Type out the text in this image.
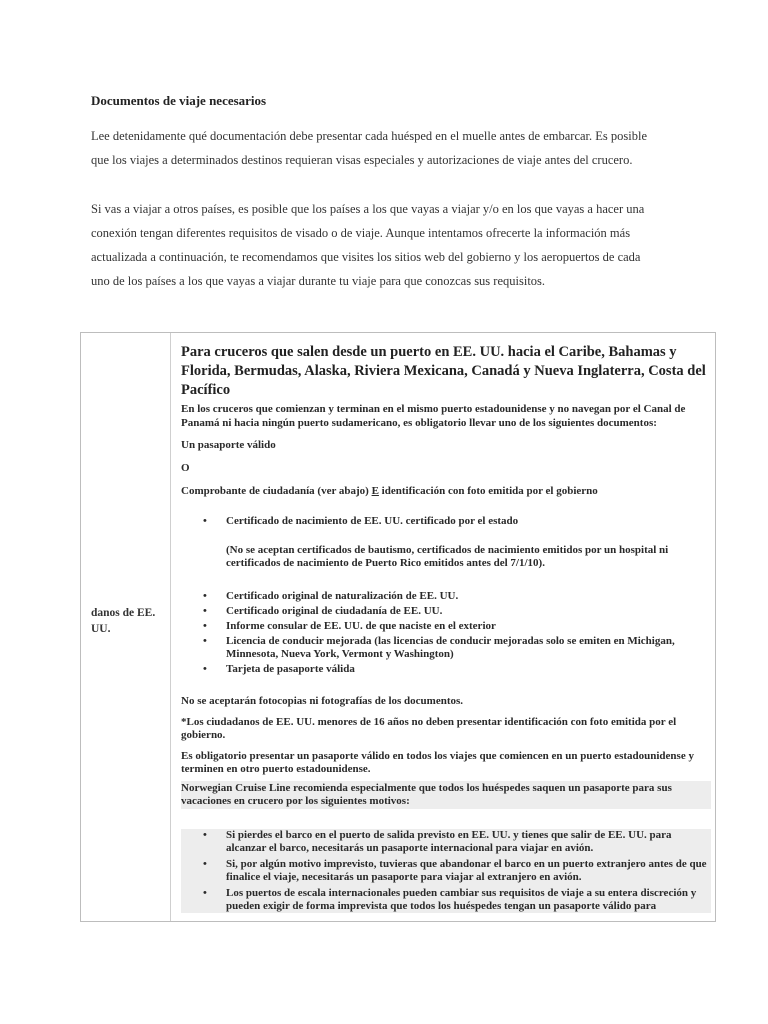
Documentos de viaje necesarios
Lee detenidamente qué documentación debe presentar cada huésped en el muelle antes de embarcar. Es posible
que los viajes a determinados destinos requieran visas especiales y autorizaciones de viaje antes del crucero.
Si vas a viajar a otros países, es posible que los países a los que vayas a viajar y/o en los que vayas a hacer una
conexión tengan diferentes requisitos de visado o de viaje. Aunque intentamos ofrecerte la información más
actualizada a continuación, te recomendamos que visites los sitios web del gobierno y los aeropuertos de cada
uno de los países a los que vayas a viajar durante tu viaje para que conozcas sus requisitos.
danos de EE. UU.
Para cruceros que salen desde un puerto en EE. UU. hacia el Caribe, Bahamas y Florida, Bermudas, Alaska, Riviera Mexicana, Canadá y Nueva Inglaterra, Costa del Pacífico
En los cruceros que comienzan y terminan en el mismo puerto estadounidense y no navegan por el Canal de Panamá ni hacia ningún puerto sudamericano, es obligatorio llevar uno de los siguientes documentos:
Un pasaporte válido
O
Comprobante de ciudadanía (ver abajo) E identificación con foto emitida por el gobierno
• Certificado de nacimiento de EE. UU. certificado por el estado
(No se aceptan certificados de bautismo, certificados de nacimiento emitidos por un hospital ni certificados de nacimiento de Puerto Rico emitidos antes del 7/1/10).
• Certificado original de naturalización de EE. UU.
• Certificado original de ciudadanía de EE. UU.
• Informe consular de EE. UU. de que naciste en el exterior
• Licencia de conducir mejorada (las licencias de conducir mejoradas solo se emiten en Michigan, Minnesota, Nueva York, Vermont y Washington)
• Tarjeta de pasaporte válida
No se aceptarán fotocopias ni fotografías de los documentos.
*Los ciudadanos de EE. UU. menores de 16 años no deben presentar identificación con foto emitida por el gobierno.
Es obligatorio presentar un pasaporte válido en todos los viajes que comiencen en un puerto estadounidense y terminen en otro puerto estadounidense.
Norwegian Cruise Line recomienda especialmente que todos los huéspedes saquen un pasaporte para sus vacaciones en crucero por los siguientes motivos:
• Si pierdes el barco en el puerto de salida previsto en EE. UU. y tienes que salir de EE. UU. para alcanzar el barco, necesitarás un pasaporte internacional para viajar en avión.
• Si, por algún motivo imprevisto, tuvieras que abandonar el barco en un puerto extranjero antes de que finalice el viaje, necesitarás un pasaporte para viajar al extranjero en avión.
• Los puertos de escala internacionales pueden cambiar sus requisitos de viaje a su entera discreción y pueden exigir de forma imprevista que todos los huéspedes tengan un pasaporte válido para
